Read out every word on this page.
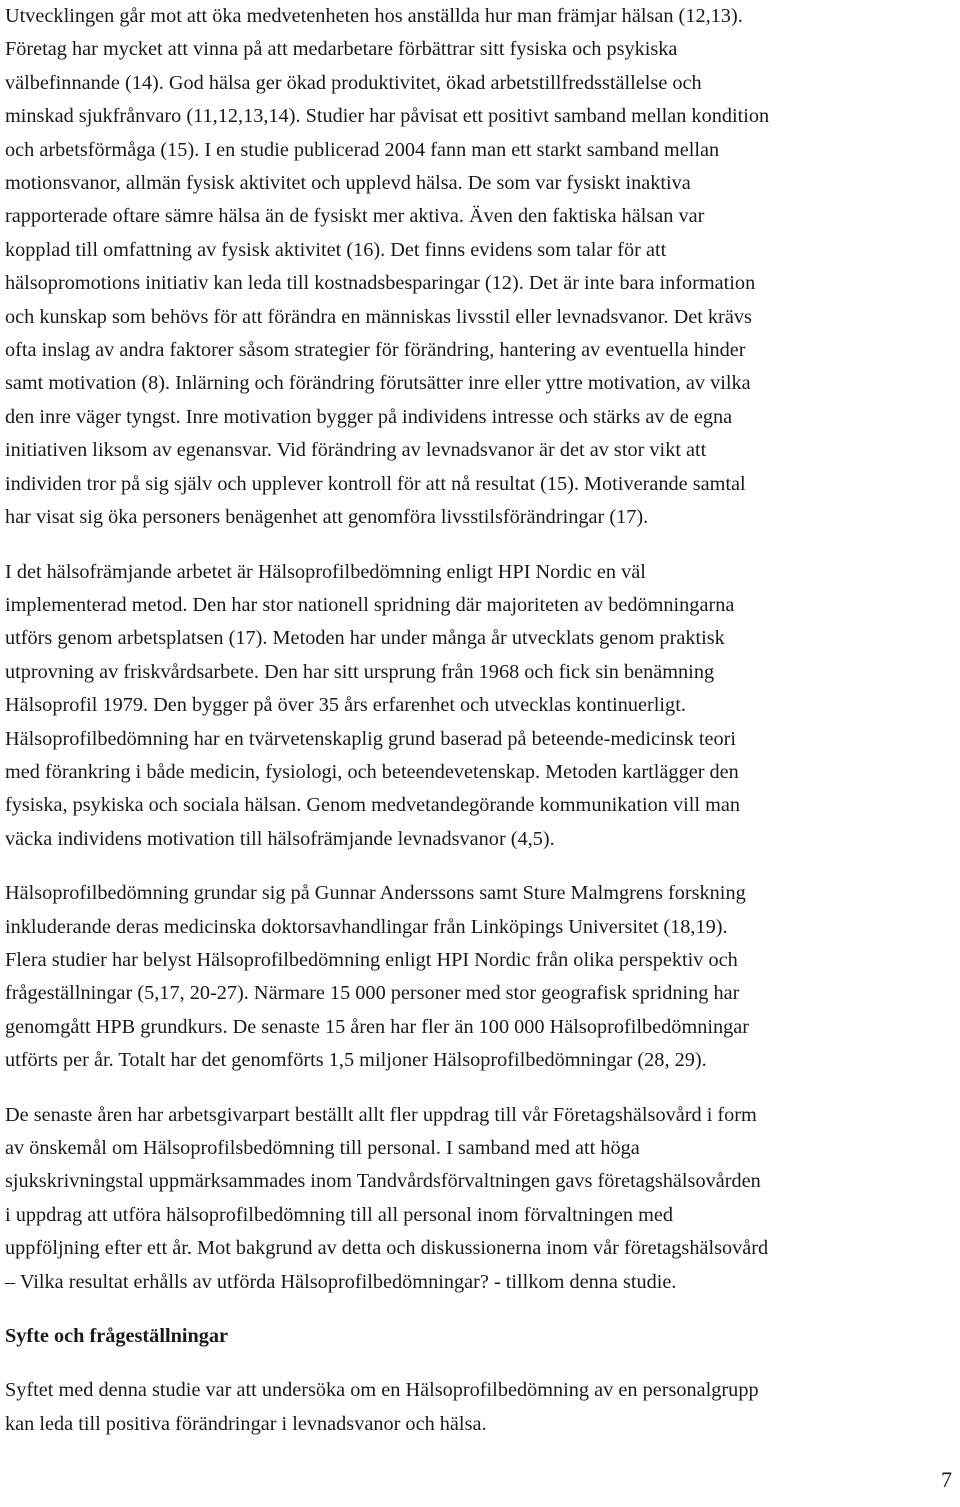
Utvecklingen går mot att öka medvetenheten hos anställda hur man främjar hälsan (12,13).
Företag har mycket att vinna på att medarbetare förbättrar sitt fysiska och psykiska
välbefinnande (14). God hälsa ger ökad produktivitet, ökad arbetstillfredsställelse och
minskad sjukfrånvaro (11,12,13,14). Studier har påvisat ett positivt samband mellan kondition
och arbetsförmåga (15). I en studie publicerad 2004 fann man ett starkt samband mellan
motionsvanor, allmän fysisk aktivitet och upplevd hälsa. De som var fysiskt inaktiva
rapporterade oftare sämre hälsa än de fysiskt mer aktiva. Även den faktiska hälsan var
kopplad till omfattning av fysisk aktivitet (16). Det finns evidens som talar för att
hälsopromotions initiativ kan leda till kostnadsbesparingar (12). Det är inte bara information
och kunskap som behövs för att förändra en människas livsstil eller levnadsvanor. Det krävs
ofta inslag av andra faktorer såsom strategier för förändring, hantering av eventuella hinder
samt motivation (8). Inlärning och förändring förutsätter inre eller yttre motivation, av vilka
den inre väger tyngst. Inre motivation bygger på individens intresse och stärks av de egna
initiativen liksom av egenansvar. Vid förändring av levnadsvanor är det av stor vikt att
individen tror på sig själv och upplever kontroll för att nå resultat (15). Motiverande samtal
har visat sig öka personers benägenhet att genomföra livsstilsförändringar (17).

I det hälsofrämjande arbetet är Hälsoprofilbedömning enligt HPI Nordic en väl
implementerad metod. Den har stor nationell spridning där majoriteten av bedömningarna
utförs genom arbetsplatsen (17). Metoden har under många år utvecklats genom praktisk
utprovning av friskvårdsarbete. Den har sitt ursprung från 1968 och fick sin benämning
Hälsoprofil 1979. Den bygger på över 35 års erfarenhet och utvecklas kontinuerligt.
Hälsoprofilbedömning har en tvärvetenskaplig grund baserad på beteende-medicinsk teori
med förankring i både medicin, fysiologi, och beteendevetenskap. Metoden kartlägger den
fysiska, psykiska och sociala hälsan. Genom medvetandegörande kommunikation vill man
väcka individens motivation till hälsofrämjande levnadsvanor (4,5).

Hälsoprofilbedömning grundar sig på Gunnar Anderssons samt Sture Malmgrens forskning
inkluderande deras medicinska doktorsavhandlingar från Linköpings Universitet (18,19).
Flera studier har belyst Hälsoprofilbedömning enligt HPI Nordic från olika perspektiv och
frågeställningar (5,17, 20-27). Närmare 15 000 personer med stor geografisk spridning har
genomgått HPB grundkurs. De senaste 15 åren har fler än 100 000 Hälsoprofilbedömningar
utförts per år. Totalt har det genomförts 1,5 miljoner Hälsoprofilbedömningar (28, 29).

De senaste åren har arbetsgivarpart beställt allt fler uppdrag till vår Företagshälsovård i form
av önskemål om Hälsoprofilsbedömning till personal. I samband med att höga
sjukskrivningstal uppmärksammades inom Tandvårdsförvaltningen gavs företagshälsovården
i uppdrag att utföra hälsoprofilbedömning till all personal inom förvaltningen med
uppföljning efter ett år. Mot bakgrund av detta och diskussionerna inom vår företagshälsovård
– Vilka resultat erhålls av utförda Hälsoprofilbedömningar? - tillkom denna studie.

Syfte och frågeställningar

Syftet med denna studie var att undersöka om en Hälsoprofilbedömning av en personalgrupp
kan leda till positiva förändringar i levnadsvanor och hälsa.

7
